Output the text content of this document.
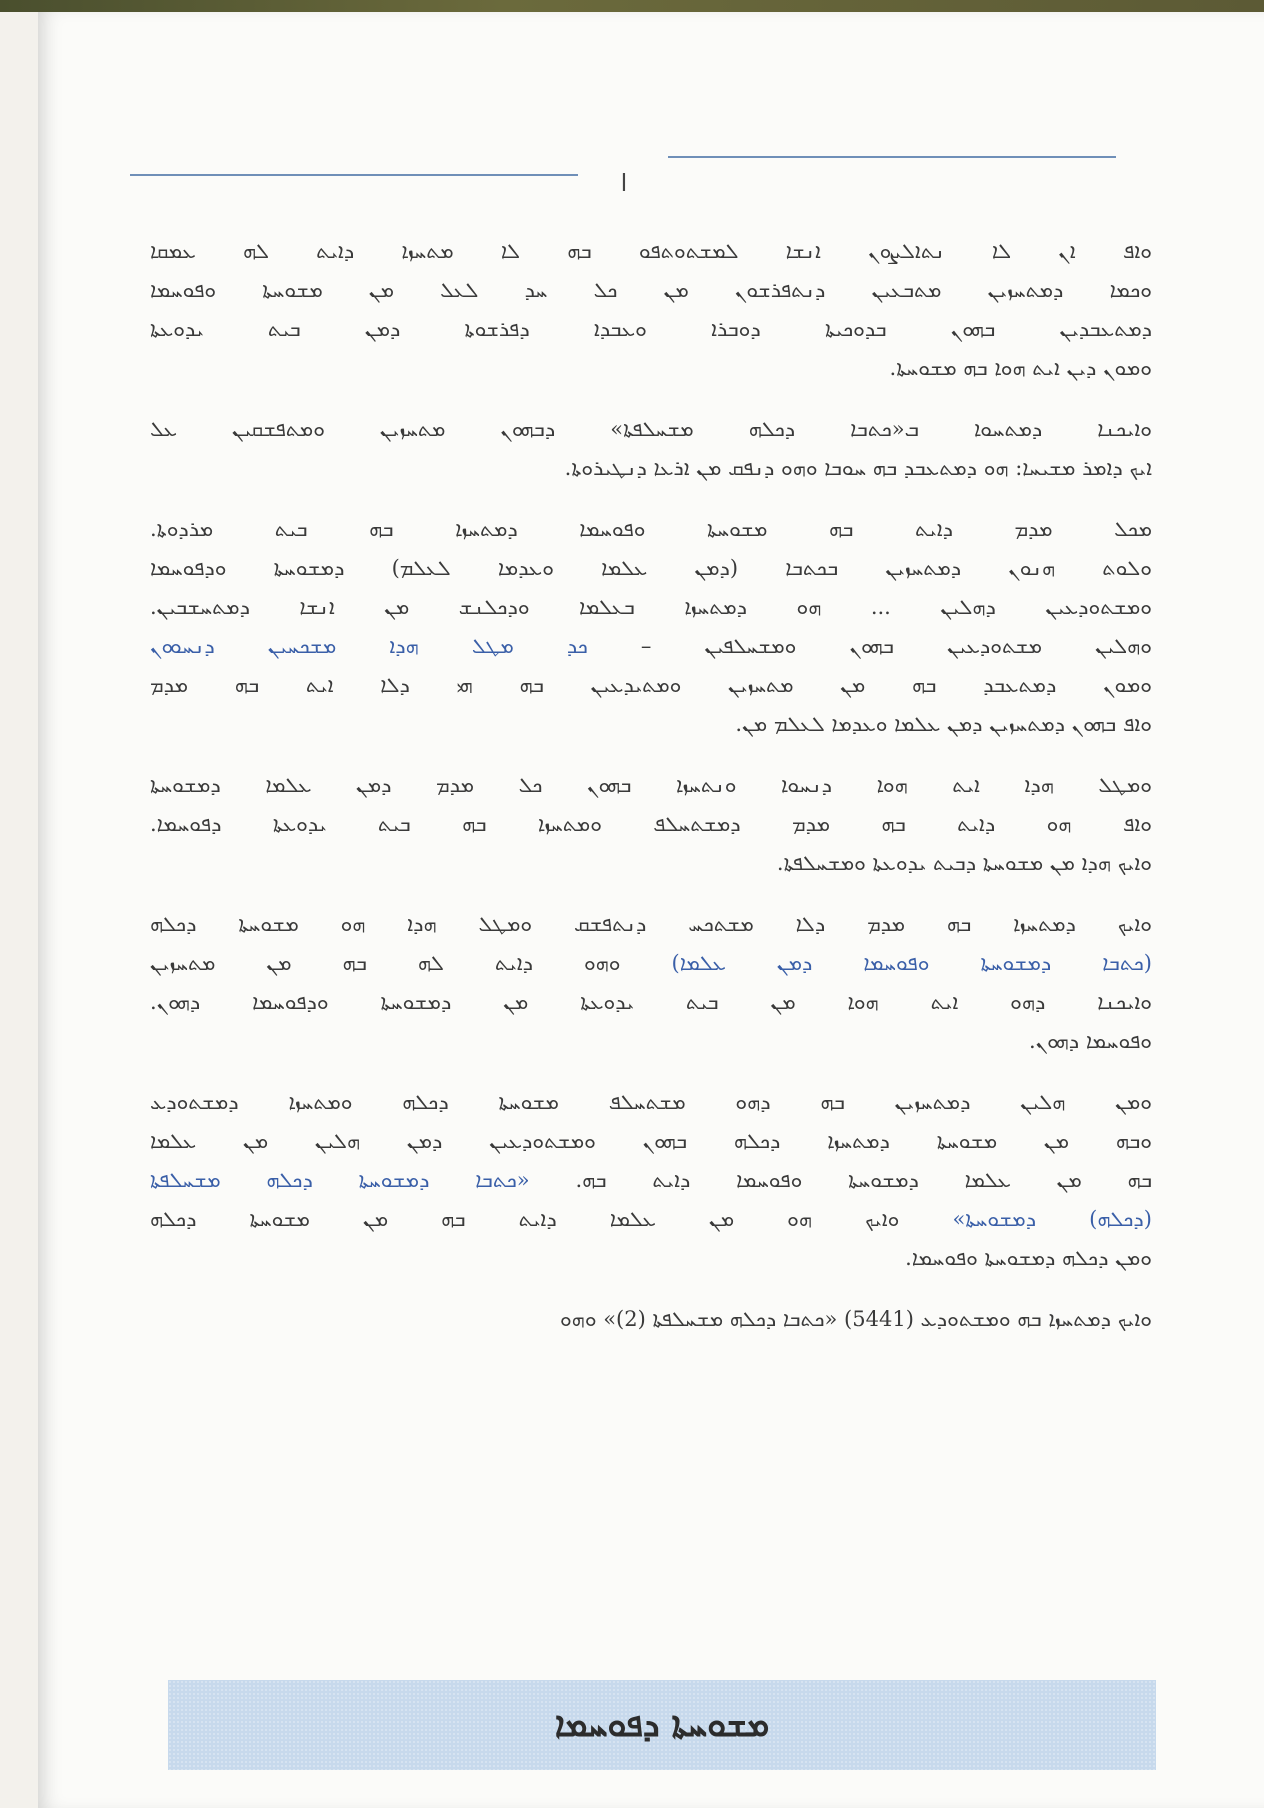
ا
ܘܐܦ ܐܢ ܠܐ ܢܬܐܠܨܘܢ ܐܢܫܐ ܠܡܫܬܘܬܦܘ ܒܗ ܠܐ ܡܬܚܙܐ ܕܐܝܬ ܠܗ ܥܡܩܐ
ܘܟܡܐ ܕܡܬܚܙܝܢ ܡܬܒܥܝܢ ܕܢܬܦܪܫܘܢ ܡܢ ܟܠ ܚܕ ܠܥܠ ܡܢ ܡܫܘܚܬܐ ܘܦܘܚܡܐ
ܕܡܬܥܒܕܝܢ ܒܗܘܢ ܒܕܘܟܝܬܐ ܕܘܒܪܐ ܘܥܒܕܐ ܕܦܪܫܘܬܐ ܕܡܢ ܒܝܬ ܝܕܘܥܬܐ
ܘܡܘܢ ܕܝܢ ܐܝܬ ܗܘܐ ܒܗ ܡܫܘܚܬܐ.
ܘܐܝܟܢܐ ܕܡܬܚܘܐ ܒ«ܟܬܒܐ ܕܟܠܗ ܡܫܚܠܦܬܐ» ܕܒܗܘܢ ܡܬܚܙܝܢ ܘܡܬܦܫܩܝܢ ܥܠ
ܐܝܟ ܕܐܡܪ ܡܫܝܚܐ: ܗܘ ܕܡܬܥܒܕ ܒܗ ܚܘܒܐ ܘܗܘ ܕܢܦܩ ܡܢ ܐܪܥܐ ܕܢܛܝܪܘܬܐ.
ܡܟܠ ܡܕܡ ܕܐܝܬ ܒܗ ܡܫܘܚܬܐ ܘܦܘܚܡܐ ܕܡܬܚܙܐ ܒܗ ܒܝܬ ܡܪܕܘܬܐ.
ܘܠܘܬ ܗܢܘܢ ܕܡܬܚܙܝܢ ܒܟܬܒܐ (ܕܡܢ ܥܠܡܐ ܘܥܕܡܐ ܠܥܠܡ) ܕܡܫܘܚܬܐ ܘܕܦܘܚܡܐ
ܘܡܫܬܘܕܥܝܢ ܕܗܠܝܢ ... ܗܘ ܕܡܬܚܙܐ ܒܥܠܡܐ ܘܕܟܠܢܫ ܡܢ ܐܢܫܐ ܕܡܬܚܫܒܝܢ.
ܘܗܠܝܢ ܡܫܬܘܕܥܝܢ ܒܗܘܢ ܘܡܫܚܠܦܝܢ – ܟܕ ܡܛܠ ܗܕܐ ܡܫܟܚܝܢ ܕܢܚܘܘܢ
ܘܡܘܢ ܕܡܬܥܒܕ ܒܗ ܡܢ ܡܬܚܙܝܢ ܘܡܬܝܕܥܝܢ ܒܗ ܗܝ ܕܠܐ ܐܝܬ ܒܗ ܡܕܡ
ܘܐܦ ܒܗܘܢ ܕܡܬܚܙܝܢ ܕܡܢ ܥܠܡܐ ܘܥܕܡܐ ܠܥܠܡ ܡܢ.
ܘܡܛܠ ܗܕܐ ܐܝܬ ܗܘܐ ܕܢܚܘܐ ܘܢܬܚܙܐ ܒܗܘܢ ܟܠ ܡܕܡ ܕܡܢ ܥܠܡܐ ܕܡܫܘܚܬܐ
ܘܐܦ ܗܘ ܕܐܝܬ ܒܗ ܡܕܡ ܕܡܫܬܚܠܦ ܘܡܬܚܙܐ ܒܗ ܒܝܬ ܝܕܘܥܬܐ ܕܦܘܚܡܐ.
ܘܐܝܟ ܗܕܐ ܡܢ ܡܫܘܚܬܐ ܕܒܝܬ ܝܕܘܥܬܐ ܘܡܫܚܠܦܬܐ.
ܘܐܝܟ ܕܡܬܚܙܐ ܒܗ ܡܕܡ ܕܠܐ ܡܫܬܟܚ ܕܢܬܦܫܩ ܘܡܛܠ ܗܕܐ ܗܘ ܡܫܘܚܬܐ ܕܟܠܗ
(ܟܬܒܐ ܕܡܫܘܚܬܐ ܘܦܘܚܡܐ ܕܡܢ ܥܠܡܐ) ܘܗܘ ܕܐܝܬ ܠܗ ܒܗ ܡܢ ܡܬܚܙܝܢ
ܘܐܝܟܢܐ ܕܗܘ ܐܝܬ ܗܘܐ ܡܢ ܒܝܬ ܝܕܘܥܬܐ ܡܢ ܕܡܫܘܚܬܐ ܘܕܦܘܚܡܐ ܕܗܘܢ.
ܘܦܘܚܡܐ ܕܗܘܢ.
ܘܡܢ ܗܠܝܢ ܕܡܬܚܙܝܢ ܒܗ ܕܗܘ ܡܫܬܚܠܦ ܡܫܘܚܬܐ ܕܟܠܗ ܘܡܬܚܙܐ ܕܡܫܬܘܕܥ
ܘܒܗ ܡܢ ܡܫܘܚܬܐ ܕܡܬܚܙܐ ܕܟܠܗ ܒܗܘܢ ܘܡܫܬܘܕܥܝܢ ܕܡܢ ܗܠܝܢ ܡܢ ܥܠܡܐ
ܒܗ ܡܢ ܥܠܡܐ ܕܡܫܘܚܬܐ ܘܦܘܚܡܐ ܕܐܝܬ ܒܗ. «ܟܬܒܐ ܕܡܫܘܚܬܐ ܕܟܠܗ ܡܫܚܠܦܬܐ
(ܕܟܠܗ) ܕܡܫܘܚܬܐ» ܘܐܝܟ ܗܘ ܡܢ ܥܠܡܐ ܕܐܝܬ ܒܗ ܡܢ ܡܫܘܚܬܐ ܕܟܠܗ
ܘܡܢ ܕܟܠܗ ܕܡܫܘܚܬܐ ܘܦܘܚܡܐ.
ܘܐܝܟ ܕܡܬܚܙܐ ܒܗ ܘܡܫܬܘܕܥ (5441) «ܟܬܒܐ ܕܟܠܗ ܡܫܚܠܦܬܐ (2)» ܘܗܘ
ܡܫܘܚܬܐ ܕܦܘܚܡܐ
